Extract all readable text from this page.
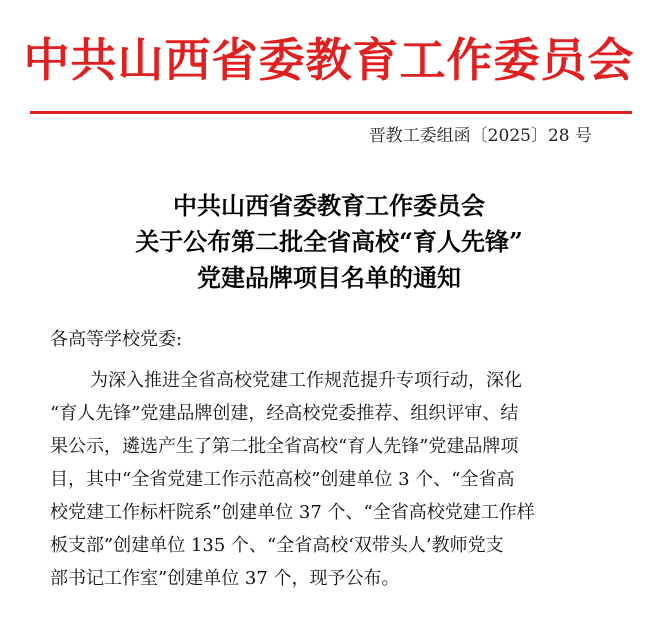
中共山西省委教育工作委员会
晋教工委组函〔2025〕28 号
中共山西省委教育工作委员会
关于公布第二批全省高校“育人先锋”
党建品牌项目名单的通知
各高等学校党委:
为深入推进全省高校党建工作规范提升专项行动，深化
“育人先锋”党建品牌创建，经高校党委推荐、组织评审、结
果公示，遴选产生了第二批全省高校“育人先锋”党建品牌项
目，其中“全省党建工作示范高校”创建单位 3 个、“全省高
校党建工作标杆院系”创建单位 37 个、“全省高校党建工作样
板支部”创建单位 135 个、“全省高校‘双带头人’教师党支
部书记工作室”创建单位 37 个，现予公布。
